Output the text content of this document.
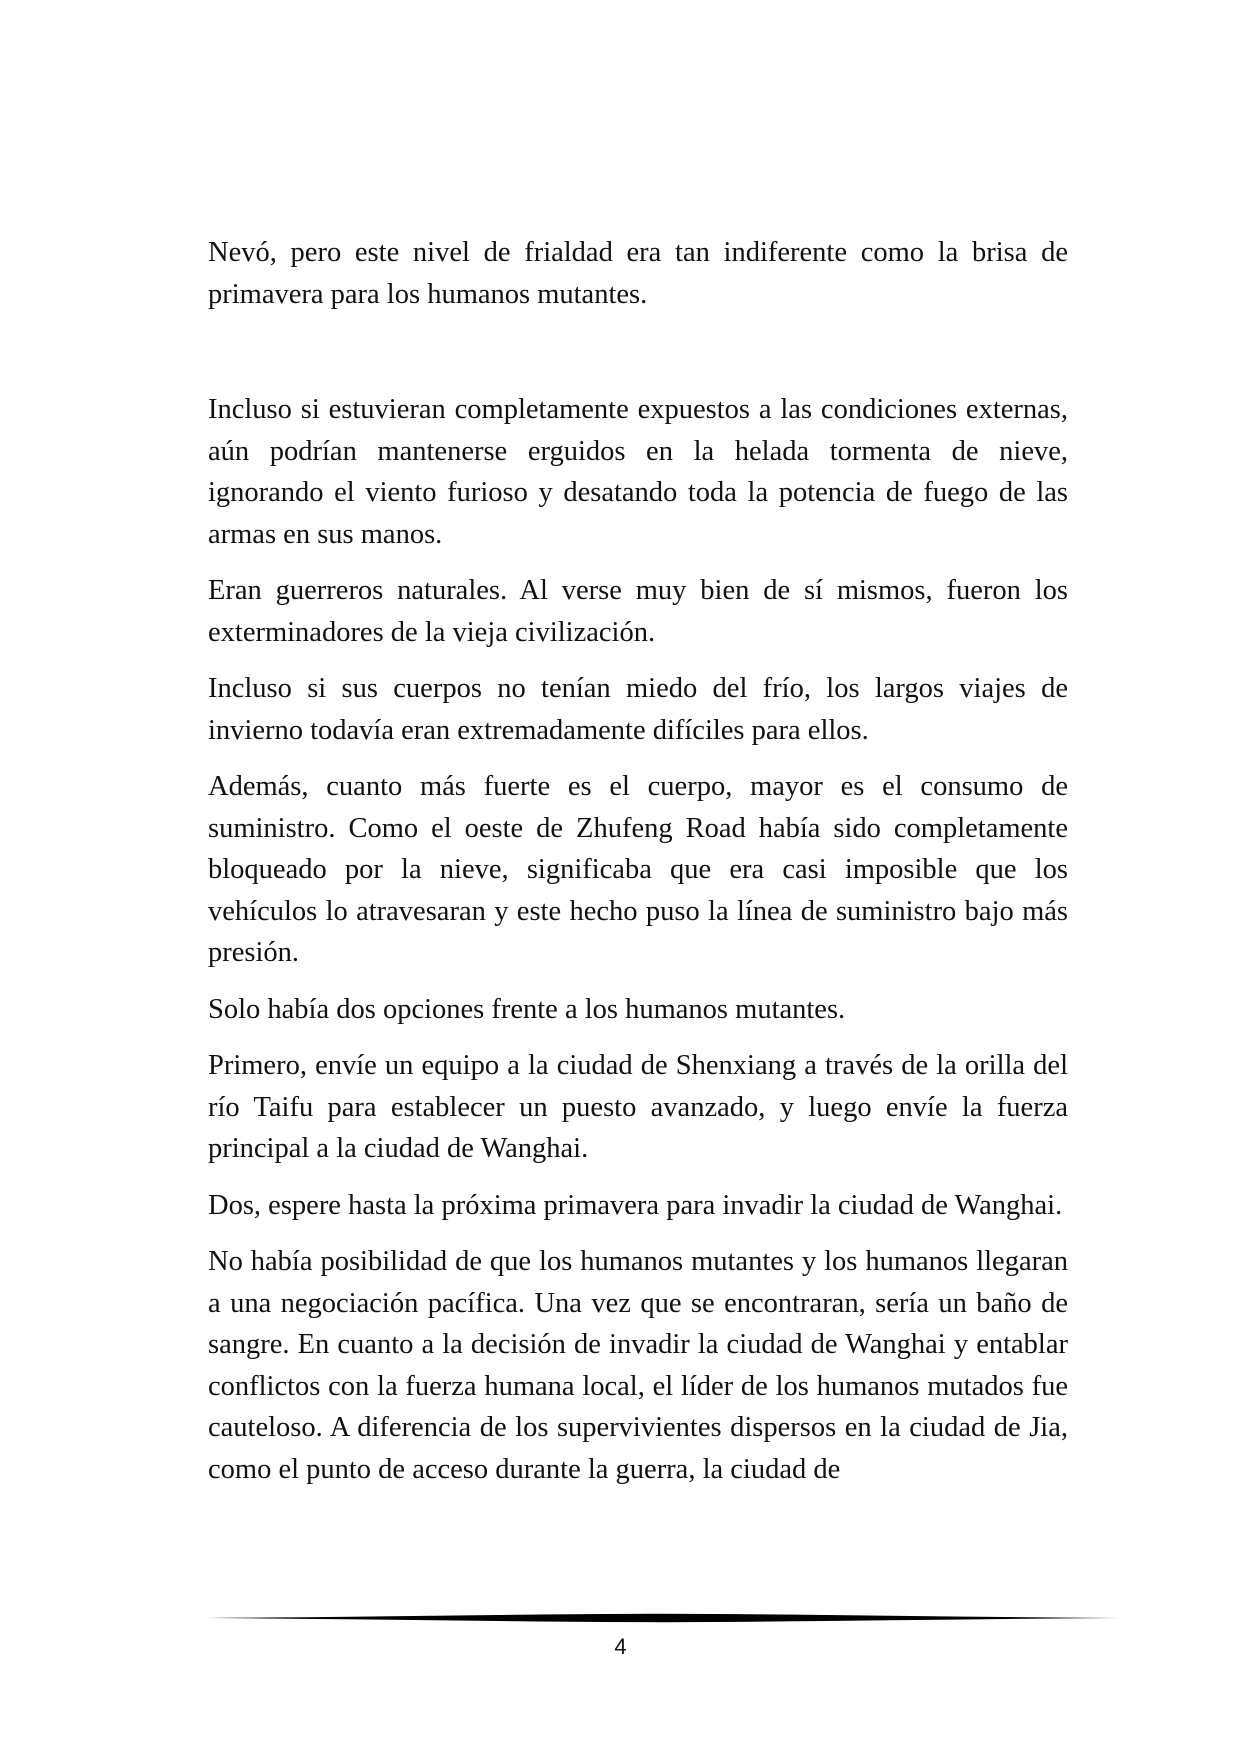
Nevó, pero este nivel de frialdad era tan indiferente como la brisa de primavera para los humanos mutantes.

Incluso si estuvieran completamente expuestos a las condiciones externas, aún podrían mantenerse erguidos en la helada tormenta de nieve, ignorando el viento furioso y desatando toda la potencia de fuego de las armas en sus manos.

Eran guerreros naturales. Al verse muy bien de sí mismos, fueron los exterminadores de la vieja civilización.

Incluso si sus cuerpos no tenían miedo del frío, los largos viajes de invierno todavía eran extremadamente difíciles para ellos.

Además, cuanto más fuerte es el cuerpo, mayor es el consumo de suministro. Como el oeste de Zhufeng Road había sido completamente bloqueado por la nieve, significaba que era casi imposible que los vehículos lo atravesaran y este hecho puso la línea de suministro bajo más presión.

Solo había dos opciones frente a los humanos mutantes.

Primero, envíe un equipo a la ciudad de Shenxiang a través de la orilla del río Taifu para establecer un puesto avanzado, y luego envíe la fuerza principal a la ciudad de Wanghai.

Dos, espere hasta la próxima primavera para invadir la ciudad de Wanghai.

No había posibilidad de que los humanos mutantes y los humanos llegaran a una negociación pacífica. Una vez que se encontraran, sería un baño de sangre. En cuanto a la decisión de invadir la ciudad de Wanghai y entablar conflictos con la fuerza humana local, el líder de los humanos mutados fue cauteloso. A diferencia de los supervivientes dispersos en la ciudad de Jia, como el punto de acceso durante la guerra, la ciudad de

4
